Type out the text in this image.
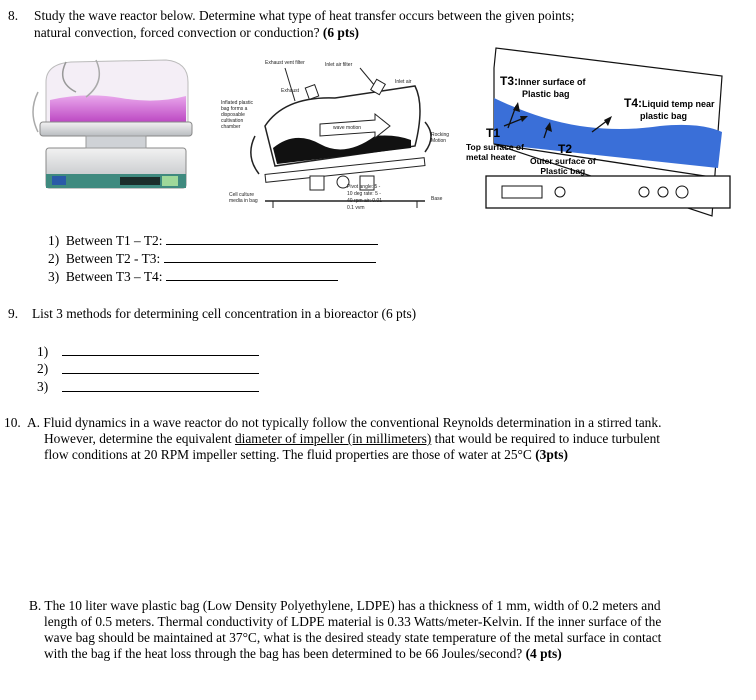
8. Study the wave reactor below. Determine what type of heat transfer occurs between the given points;
natural convection, forced convection or conduction? (6 pts)
Exhaust vent filter	Inlet air filter
Inlet air
Exhaust
Inflated plastic bag forms a disposable cultivation chamber	wave motion
Rocking Motion
Cell culture media in bag
Pivot angle: 5 - 10 deg rate: 5 - 40 rpm air: 0.01 - 0.1 vvm
Base
T3:Inner surface of
Plastic bag
T4:Liquid temp near
plastic bag
T1
Top surface of
metal heater
T2
Outer surface of
Plastic bag
1) Between T1 – T2:
2) Between T2 - T3:
3) Between T3 – T4:
9. List 3 methods for determining cell concentration in a bioreactor (6 pts)
1)
2)
3)
10. A. Fluid dynamics in a wave reactor do not typically follow the conventional Reynolds determination in a stirred tank.
However, determine the equivalent diameter of impeller (in millimeters) that would be required to induce turbulent
flow conditions at 20 RPM impeller setting. The fluid properties are those of water at 25°C (3pts)
B. The 10 liter wave plastic bag (Low Density Polyethylene, LDPE) has a thickness of 1 mm, width of 0.2 meters and
length of 0.5 meters. Thermal conductivity of LDPE material is 0.33 Watts/meter-Kelvin. If the inner surface of the
wave bag should be maintained at 37°C, what is the desired steady state temperature of the metal surface in contact
with the bag if the heat loss through the bag has been determined to be 66 Joules/second? (4 pts)
